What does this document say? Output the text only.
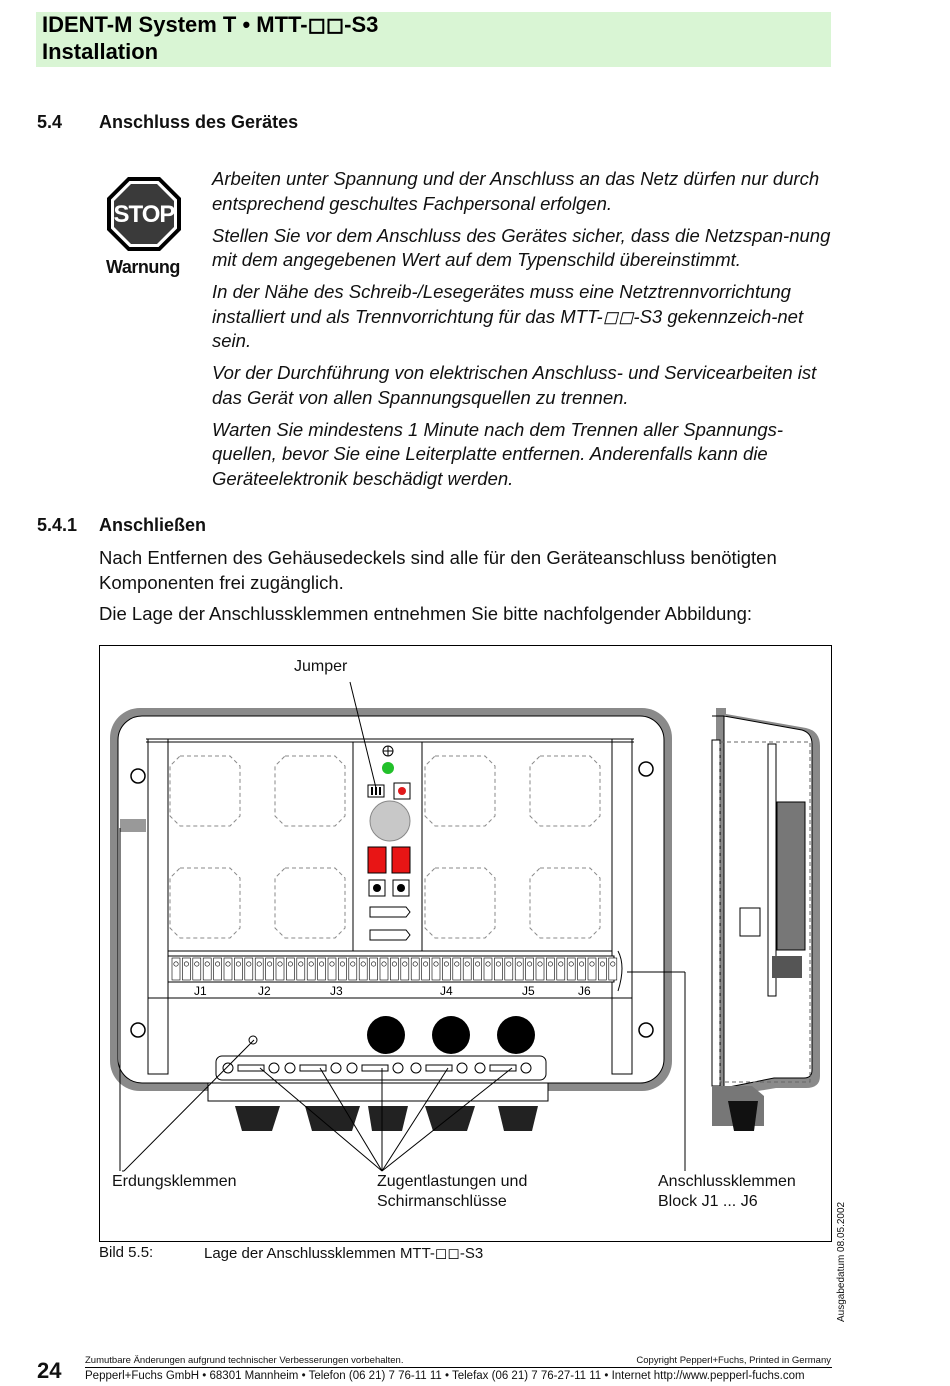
IDENT-M System T • MTT-◻◻-S3
Installation
5.4 Anschluss des Gerätes
STOP
Warnung

Arbeiten unter Spannung und der Anschluss an das Netz dürfen nur durch entsprechend geschultes Fachpersonal erfolgen.

Stellen Sie vor dem Anschluss des Gerätes sicher, dass die Netzspan-nung mit dem angegebenen Wert auf dem Typenschild übereinstimmt.

In der Nähe des Schreib-/Lesegerätes muss eine Netztrennvorrichtung installiert und als Trennvorrichtung für das MTT-◻◻-S3 gekennzeich-net sein.

Vor der Durchführung von elektrischen Anschluss- und Servicearbeiten ist das Gerät von allen Spannungsquellen zu trennen.

Warten Sie mindestens 1 Minute nach dem Trennen aller Spannungs-quellen, bevor Sie eine Leiterplatte entfernen. Anderenfalls kann die Geräteelektronik beschädigt werden.

5.4.1 Anschließen

Nach Entfernen des Gehäusedeckels sind alle für den Geräteanschluss benötigten Komponenten frei zugänglich.

Die Lage der Anschlussklemmen entnehmen Sie bitte nachfolgender Abbildung:

J1	J2	J3	J4	J5	J6
Jumper
Erdungsklemmen	Zugentlastungen und
Schirmanschlüsse
Anschlussklemmen
Block J1 ... J6
Bild 5.5:	Lage der Anschlussklemmen MTT-◻◻-S3	Ausgabedatum 08.05.2002
24 Zumutbare Änderungen aufgrund technischer Verbesserungen vorbehalten.	Copyright Pepperl+Fuchs, Printed in Germany
Pepperl+Fuchs GmbH • 68301 Mannheim • Telefon (06 21) 7 76-11 11 • Telefax (06 21) 7 76-27-11 11 • Internet http://www.pepperl-fuchs.com
